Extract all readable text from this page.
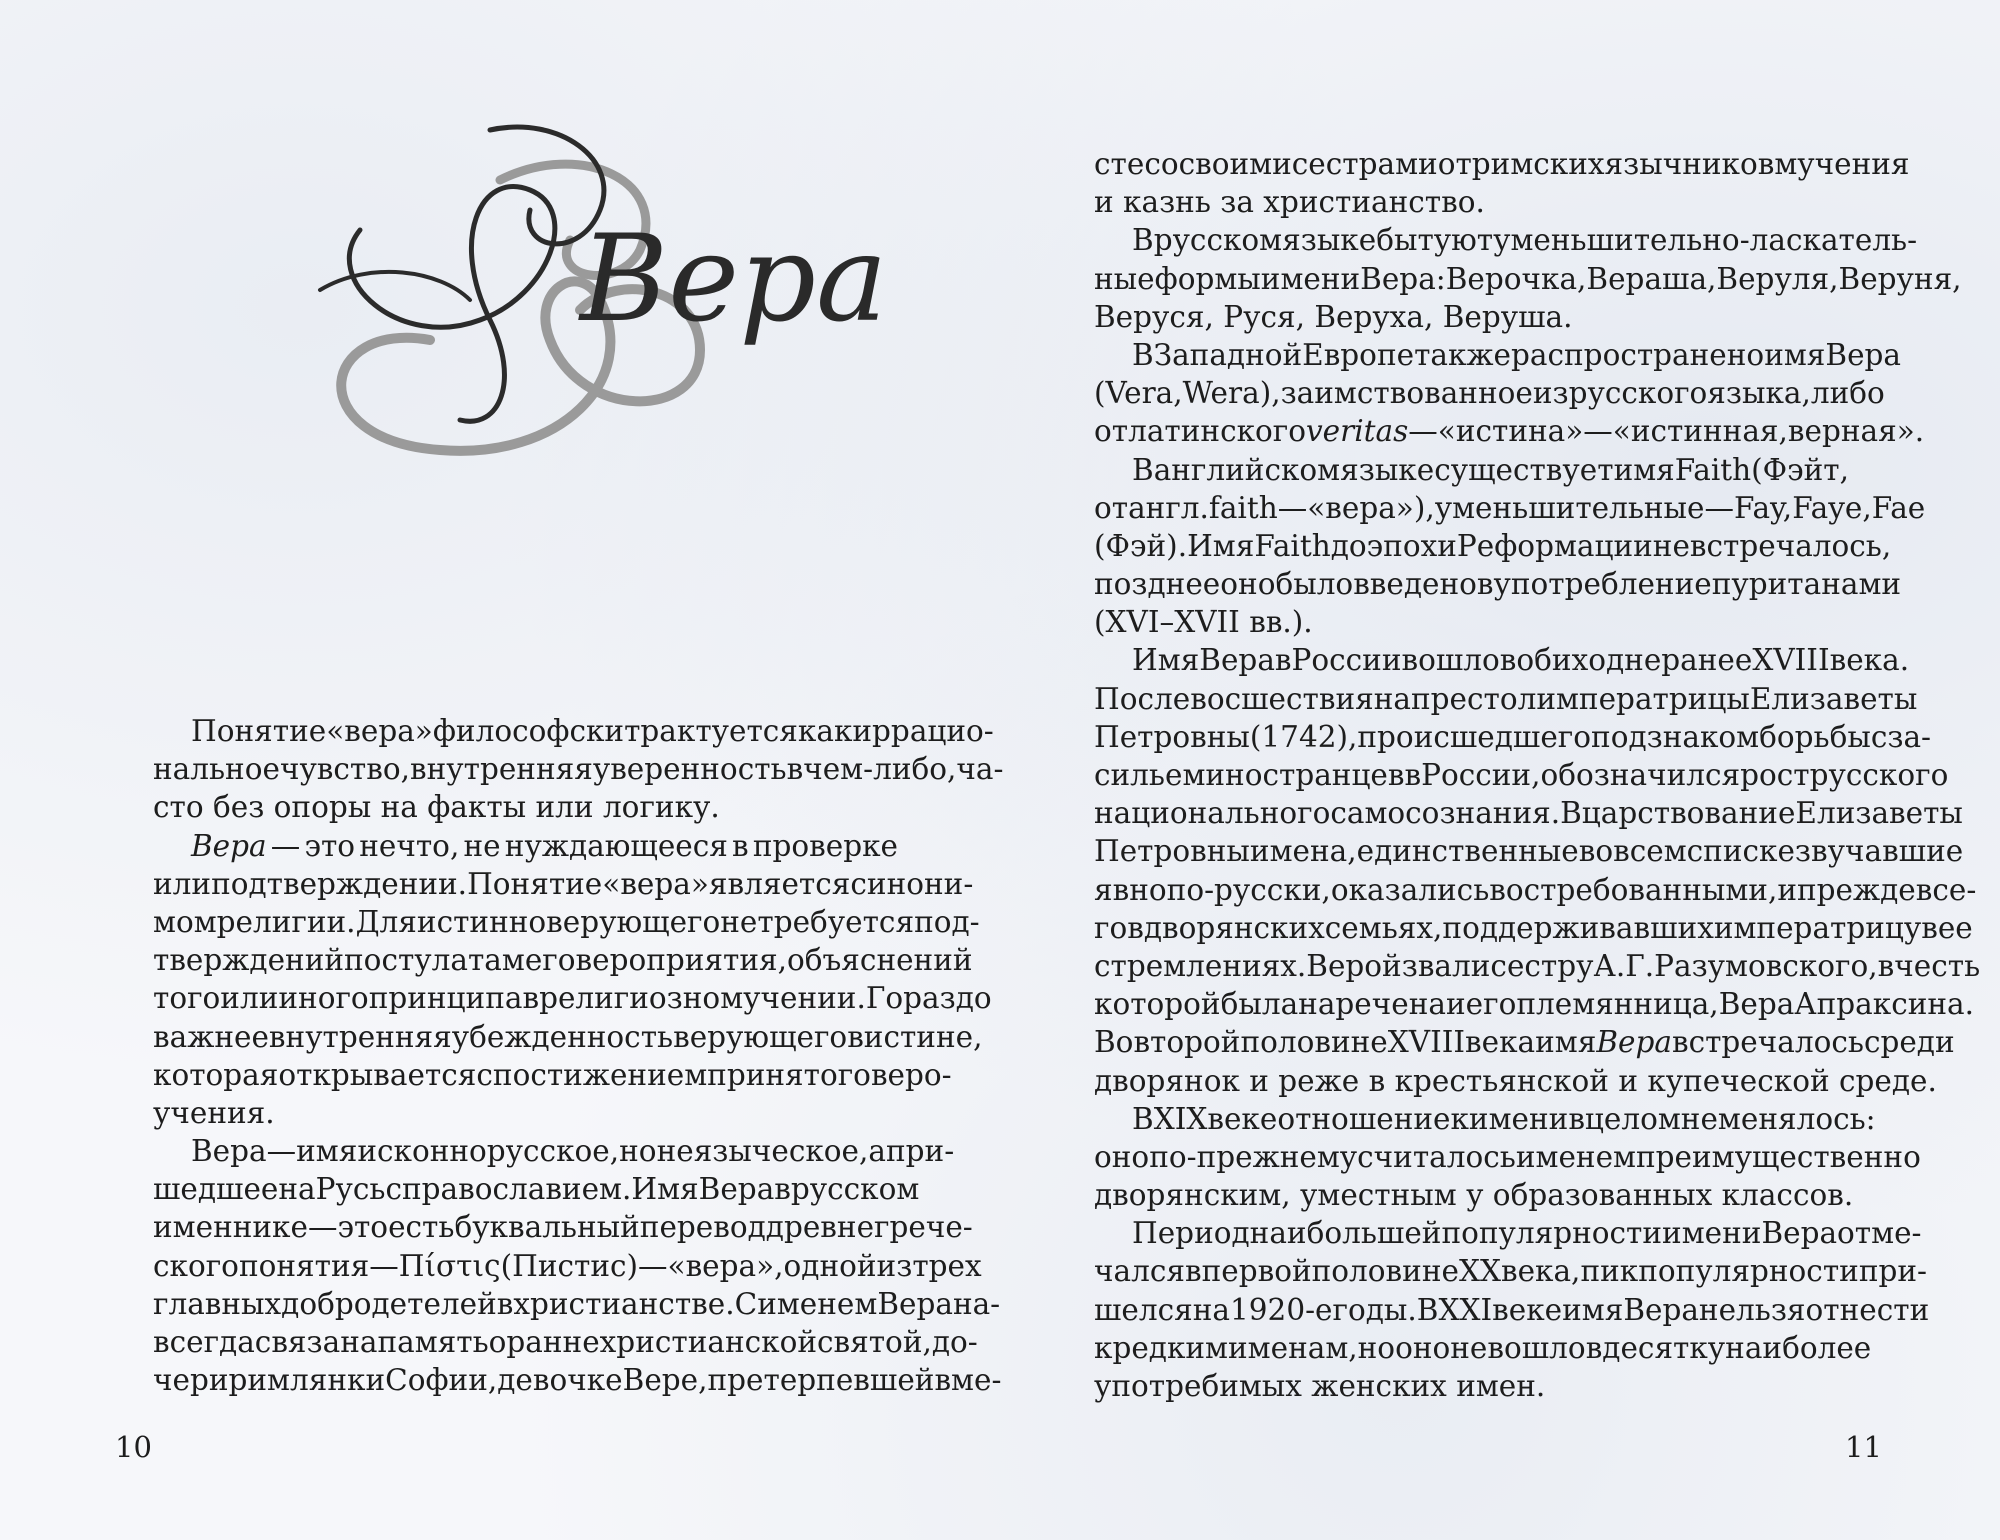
Вера
Понятие «вера» философски трактуется как иррацио-
нальное чувство, внутренняя уверенность в чем-либо, ча-
сто без опоры на факты или логику.
Вера — это нечто, не нуждающееся в проверке
или подтверждении. Понятие «вера» является синони-
мом религии. Для истинно верующего не требуется под-
тверждений постулатам его вероприятия, объяснений
того или иного принципа в религиозном учении. Гораздо
важнее внутренняя убежденность верующего в истине,
которая открывается с постижением принятого веро-
учения.
Вера — имя исконно русское, но не языческое, а при-
шедшее на Русь с православием. Имя Вера в русском
именнике — это есть буквальный перевод древнегрече-
ского понятия — Πίστις (Пистис) — «вера», одной из трех
главных добродетелей в христианстве. С именем Вера на-
всегда связана память о раннехристианской святой, до-
чери римлянки Софии, девочке Вере, претерпевшей вме-
10
сте со своими сестрами от римских язычников мучения
и казнь за христианство.
В русском языке бытуют уменьшительно-ласкатель-
ные формы имени Вера: Верочка, Вераша, Веруля, Веруня,
Веруся, Руся, Веруха, Веруша.
В Западной Европе также распространено имя Вера
(Vera, Wera), заимствованное из русского языка, либо
от латинского veritas — «истина» — «истинная, верная».
В английском языке существует имя Faith (Фэйт,
от англ. faith — «вера»), уменьшительные — Fay, Faye, Fae
(Фэй). Имя Faith до эпохи Реформации не встречалось,
позднее оно было введено в употребление пуританами
(XVI–XVII вв.).
Имя Вера в России вошло в обиход не ранее XVIII века.
После восшествия на престол императрицы Елизаветы
Петровны (1742), происшедшего под знаком борьбы с за-
сильем иностранцев в России, обозначился рост русского
национального самосознания. В царствование Елизаветы
Петровны имена, единственные во всем списке звучавшие
явно по-русски, оказались востребованными, и прежде все-
го в дворянских семьях, поддерживавших императрицу в ее
стремлениях. Верой звали сестру А.Г. Разумовского, в честь
которой была наречена и его племянница, Вера Апраксина.
Во второй половине XVIII века имя Вера встречалось среди
дворянок и реже в крестьянской и купеческой среде.
В XIX веке отношение к имени в целом не менялось:
оно по-прежнему считалось именем преимущественно
дворянским, уместным у образованных классов.
Период наибольшей популярности имени Вера отме-
чался в первой половине XX века, пик популярности при-
шелся на 1920-е годы. В XXI веке имя Вера нельзя отнести
к редким именам, но оно не вошло в десятку наиболее
употребимых женских имен.
11
